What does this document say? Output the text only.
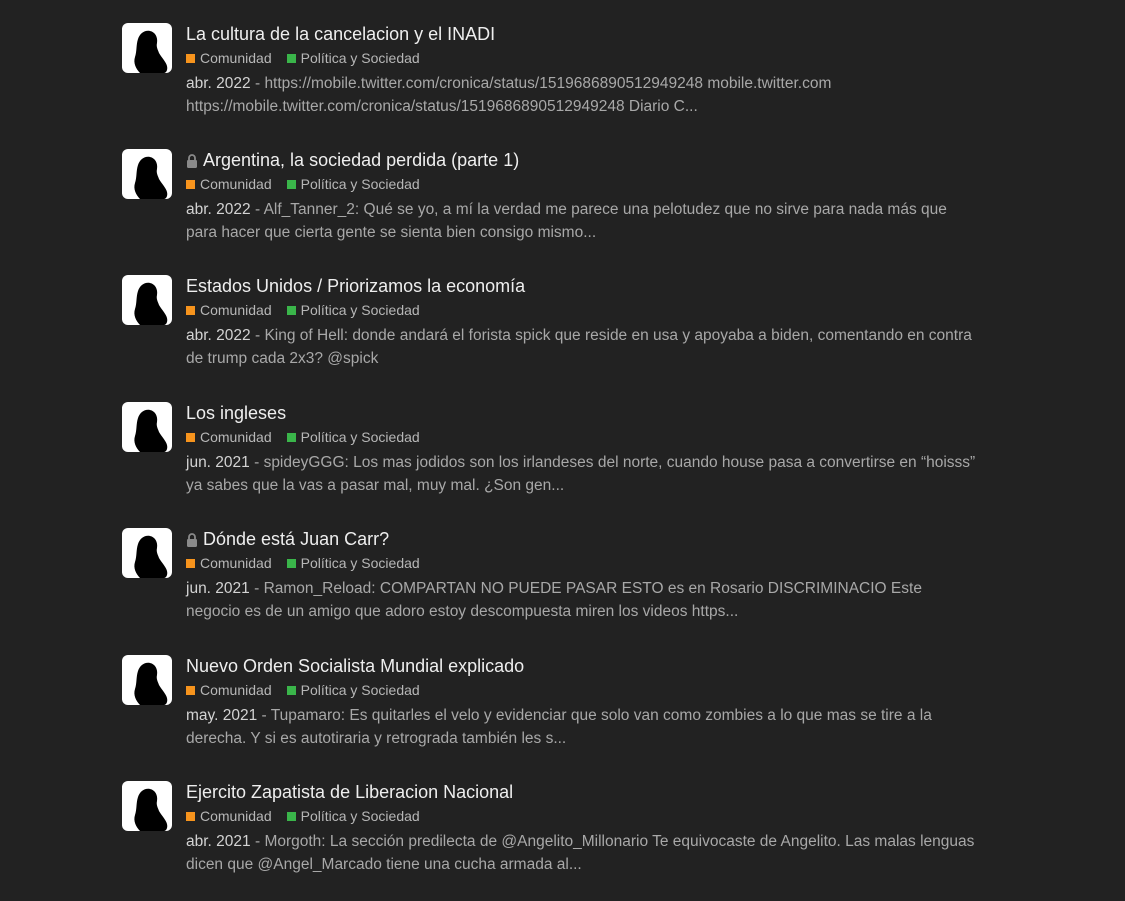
La cultura de la cancelacion y el INADI
Comunidad Política y Sociedad
abr. 2022 - https://mobile.twitter.com/cronica/status/1519686890512949248 mobile.twitter.com https://mobile.twitter.com/cronica/status/1519686890512949248 Diario C...
Argentina, la sociedad perdida (parte 1)
Comunidad Política y Sociedad
abr. 2022 - Alf_Tanner_2: Qué se yo, a mí la verdad me parece una pelotudez que no sirve para nada más que para hacer que cierta gente se sienta bien consigo mismo...
Estados Unidos / Priorizamos la economía
Comunidad Política y Sociedad
abr. 2022 - King of Hell: donde andará el forista spick que reside en usa y apoyaba a biden, comentando en contra de trump cada 2x3? @spick
Los ingleses
Comunidad Política y Sociedad
jun. 2021 - spideyGGG: Los mas jodidos son los irlandeses del norte, cuando house pasa a convertirse en “hoisss” ya sabes que la vas a pasar mal, muy mal. ¿Son gen...
Dónde está Juan Carr?
Comunidad Política y Sociedad
jun. 2021 - Ramon_Reload: COMPARTAN NO PUEDE PASAR ESTO es en Rosario DISCRIMINACIO Este negocio es de un amigo que adoro estoy descompuesta miren los videos https...
Nuevo Orden Socialista Mundial explicado
Comunidad Política y Sociedad
may. 2021 - Tupamaro: Es quitarles el velo y evidenciar que solo van como zombies a lo que mas se tire a la derecha. Y si es autotiraria y retrograda también les s...
Ejercito Zapatista de Liberacion Nacional
Comunidad Política y Sociedad
abr. 2021 - Morgoth: La sección predilecta de @Angelito_Millonario Te equivocaste de Angelito. Las malas lenguas dicen que @Angel_Marcado tiene una cucha armada al...
